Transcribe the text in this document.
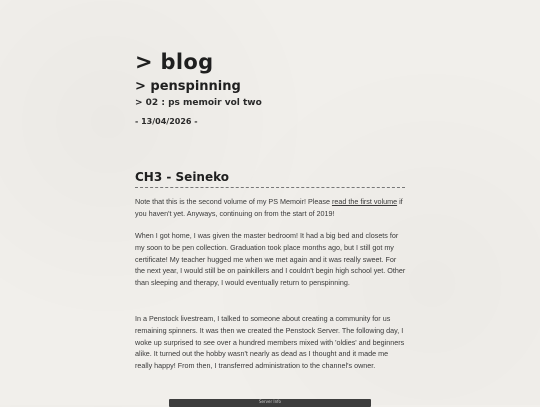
> blog
> penspinning
> 02 : ps memoir vol two
- 13/04/2026 -
CH3 - Seineko

Note that this is the second volume of my PS Memoir! Please read the first volume if you haven't yet. Anyways, continuing on from the start of 2019!

When I got home, I was given the master bedroom! It had a big bed and closets for my soon to be pen collection. Graduation took place months ago, but I still got my certificate! My teacher hugged me when we met again and it was really sweet. For the next year, I would still be on painkillers and I couldn't begin high school yet. Other than sleeping and therapy, I would eventually return to penspinning.

In a Penstock livestream, I talked to someone about creating a community for us remaining spinners. It was then we created the Penstock Server. The following day, I woke up surprised to see over a hundred members mixed with 'oldies' and beginners alike. It turned out the hobby wasn't nearly as dead as I thought and it made me really happy! From then, I transferred administration to the channel's owner.

Server Info
